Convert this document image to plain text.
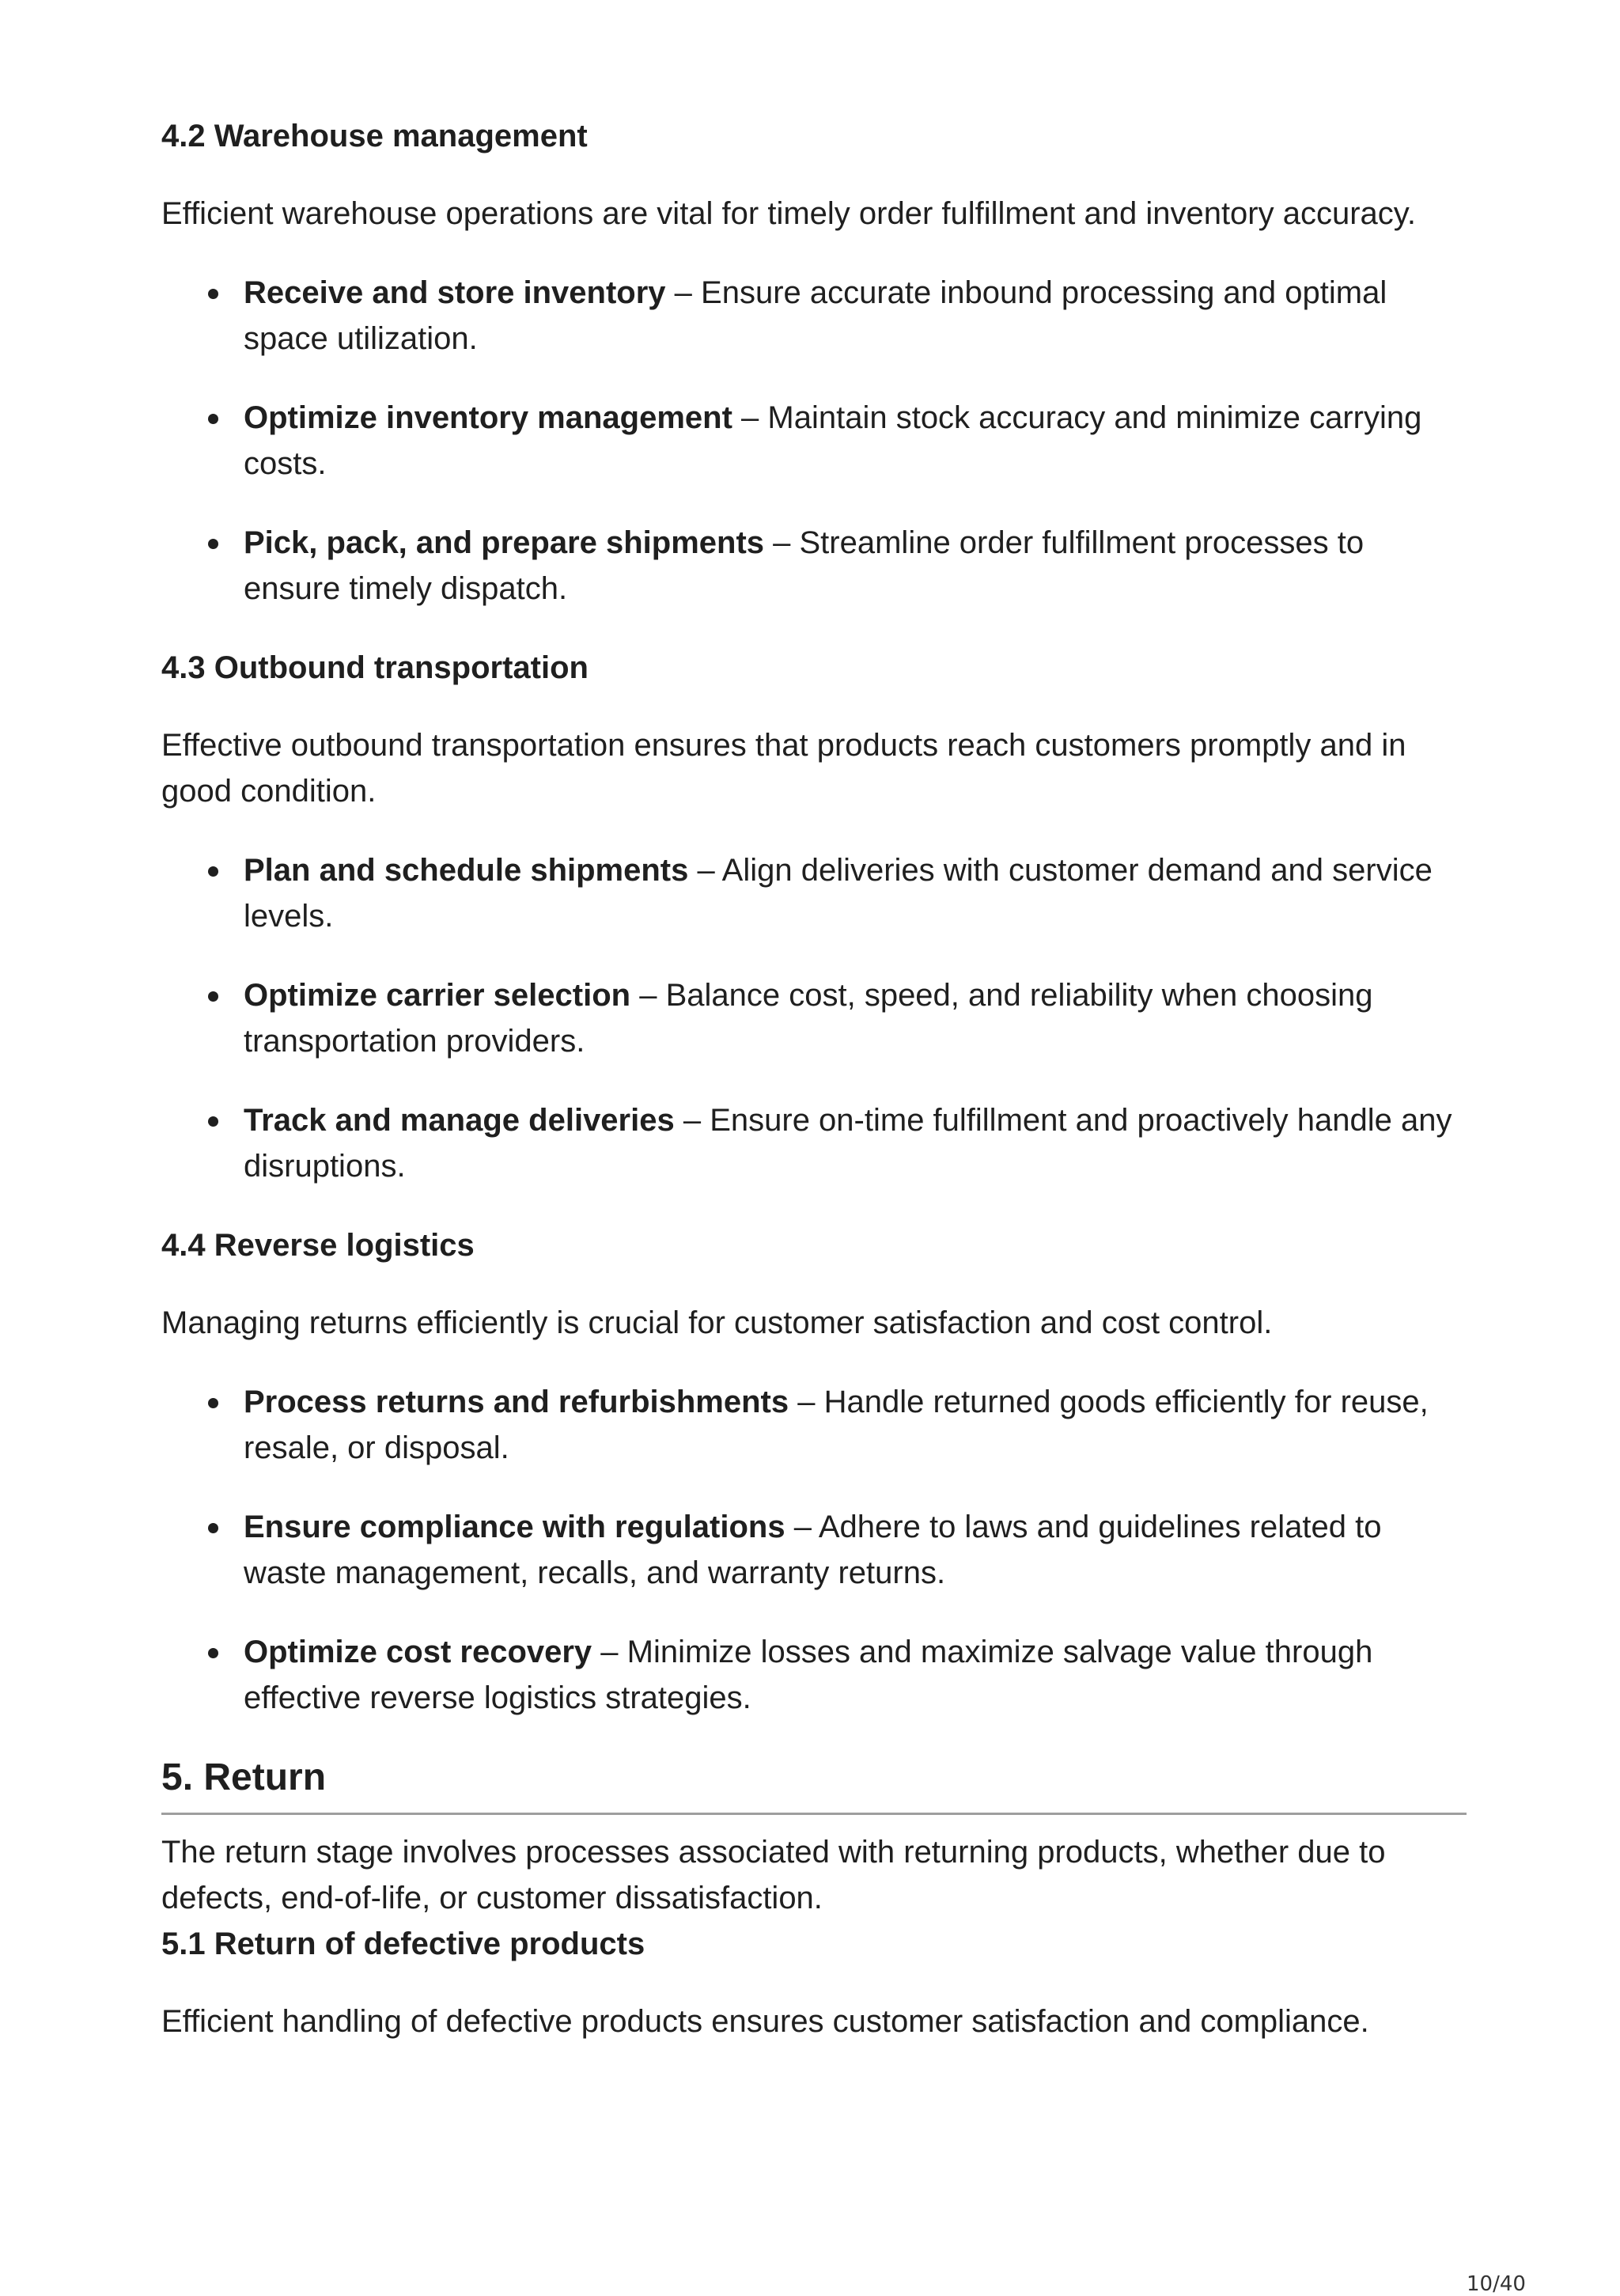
4.2 Warehouse management

Efficient warehouse operations are vital for timely order fulfillment and inventory accuracy.

Receive and store inventory – Ensure accurate inbound processing and optimal space utilization.
Optimize inventory management – Maintain stock accuracy and minimize carrying costs.
Pick, pack, and prepare shipments – Streamline order fulfillment processes to ensure timely dispatch.
4.3 Outbound transportation

Effective outbound transportation ensures that products reach customers promptly and in good condition.

Plan and schedule shipments – Align deliveries with customer demand and service levels.
Optimize carrier selection – Balance cost, speed, and reliability when choosing transportation providers.
Track and manage deliveries – Ensure on-time fulfillment and proactively handle any disruptions.
4.4 Reverse logistics

Managing returns efficiently is crucial for customer satisfaction and cost control.

Process returns and refurbishments – Handle returned goods efficiently for reuse, resale, or disposal.
Ensure compliance with regulations – Adhere to laws and guidelines related to waste management, recalls, and warranty returns.
Optimize cost recovery – Minimize losses and maximize salvage value through effective reverse logistics strategies.
5. Return

The return stage involves processes associated with returning products, whether due to defects, end-of-life, or customer dissatisfaction.

5.1 Return of defective products

Efficient handling of defective products ensures customer satisfaction and compliance.

10/40
